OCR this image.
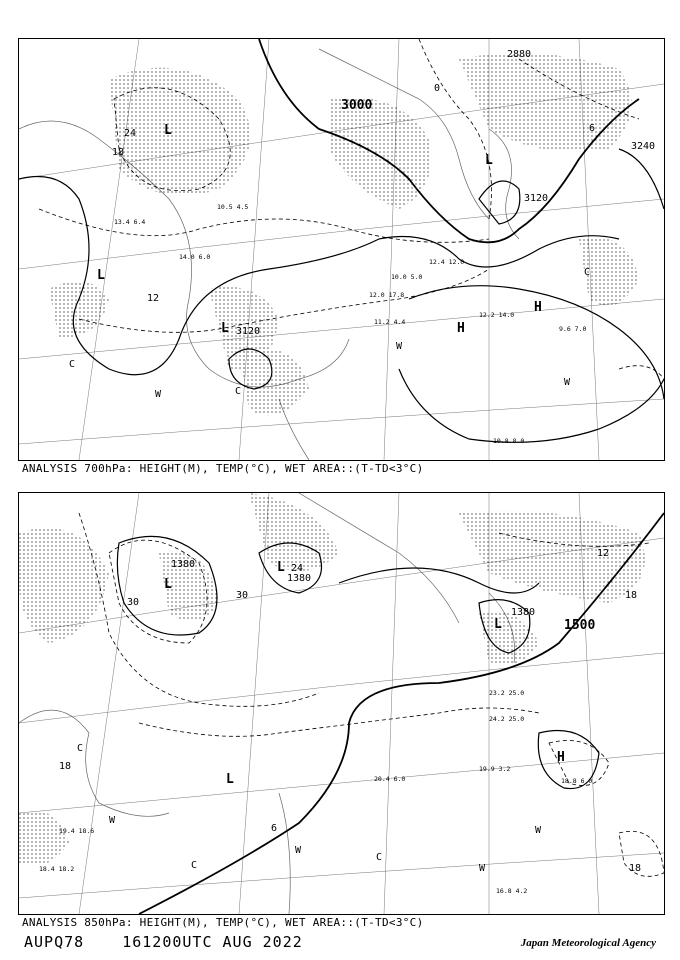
3000
2880
3120
3240
3120
24
18
12
0
6
L
L
L
L
H
H
C
C
C
W
W
W
13.4 6.4
10.5 4.5
12.2 14.0
9.6 7.0
10.8 8.0
11.2 4.4
12.0 17.8
12.4 12.0
10.0 5.0
14.0 6.0
ANALYSIS 700hPa: HEIGHT(M), TEMP(°C), WET AREA::(T-TD<3°C)
1380
1380
1500
1380
30
30
24
18
18
12
18
6
L
L
L
L
H
C
C
C
W
W
W
W
19.9 3.2
16.8 4.2
18.8 6.0
20.4 6.0
23.2 25.0
24.2 25.0
19.4 18.6
18.4 18.2
ANALYSIS 850hPa: HEIGHT(M), TEMP(°C), WET AREA::(T-TD<3°C)
AUPQ78	161200UTC AUG 2022	Japan Meteorological Agency
